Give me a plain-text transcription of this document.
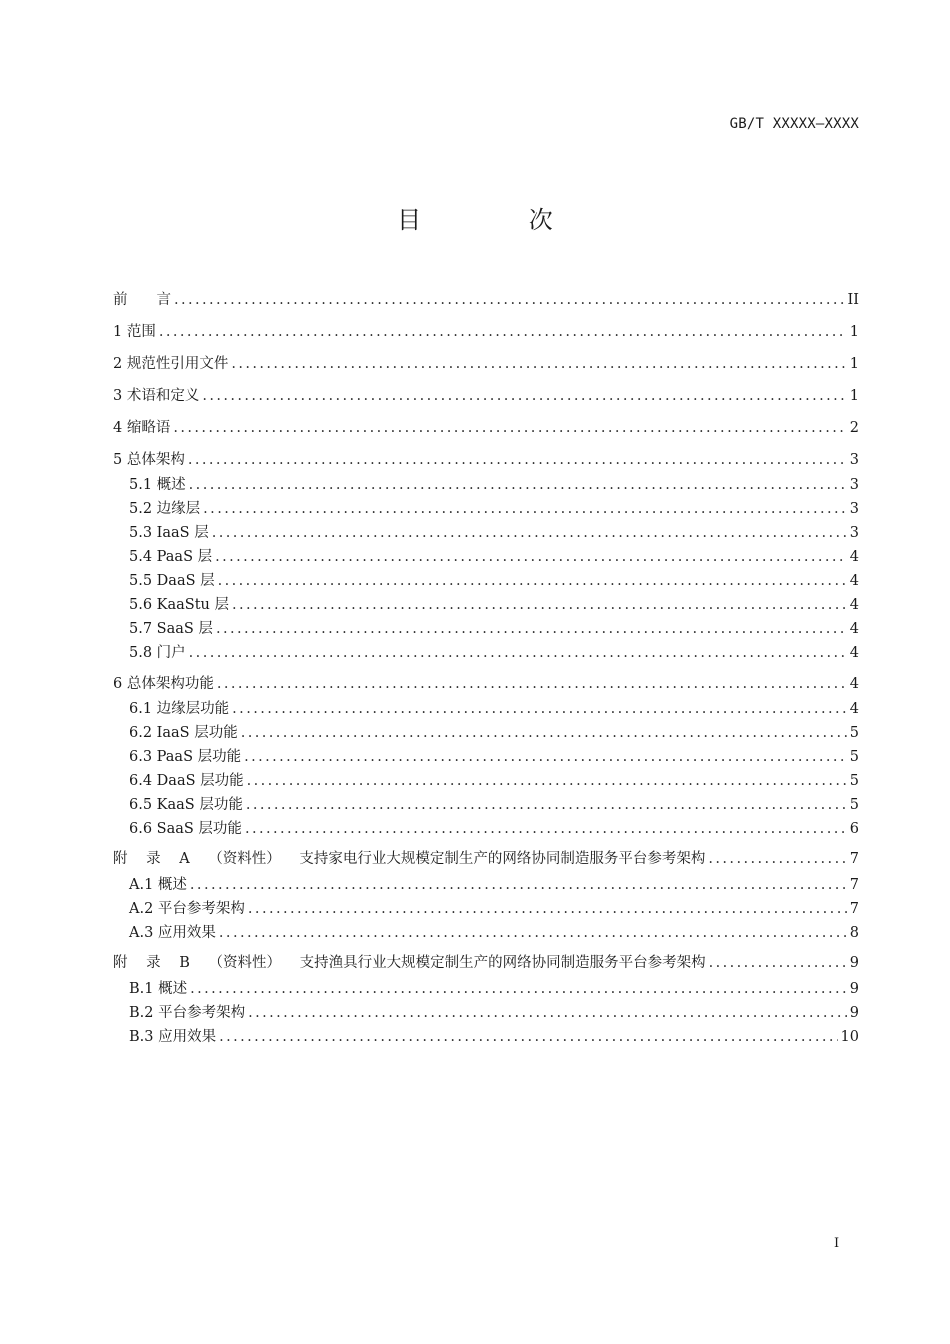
GB/T XXXXX—XXXX
目 次
前　　言 .....	II
1 范围 .....	1
2 规范性引用文件 .....	1
3 术语和定义 .....	1
4 缩略语 .....	2
5 总体架构 .....	3
5.1 概述 .....	3
5.2 边缘层 .....	3
5.3 IaaS 层 .....	3
5.4 PaaS 层 .....	4
5.5 DaaS 层 .....	4
5.6 KaaStu 层 .....	4
5.7 SaaS 层 .....	4
5.8 门户 .....	4
6 总体架构功能 .....	4
6.1 边缘层功能 .....	4
6.2 IaaS 层功能 .....	5
6.3 PaaS 层功能 .....	5
6.4 DaaS 层功能 .....	5
6.5 KaaS 层功能 .....	5
6.6 SaaS 层功能 .....	6
附 录 A （资料性） 支持家电行业大规模定制生产的网络协同制造服务平台参考架构 .....	7
A.1 概述 .....	7
A.2 平台参考架构 .....	7
A.3 应用效果 .....	8
附 录 B （资料性） 支持渔具行业大规模定制生产的网络协同制造服务平台参考架构 .....	9
B.1 概述 .....	9
B.2 平台参考架构 .....	9
B.3 应用效果 .....	10
I
